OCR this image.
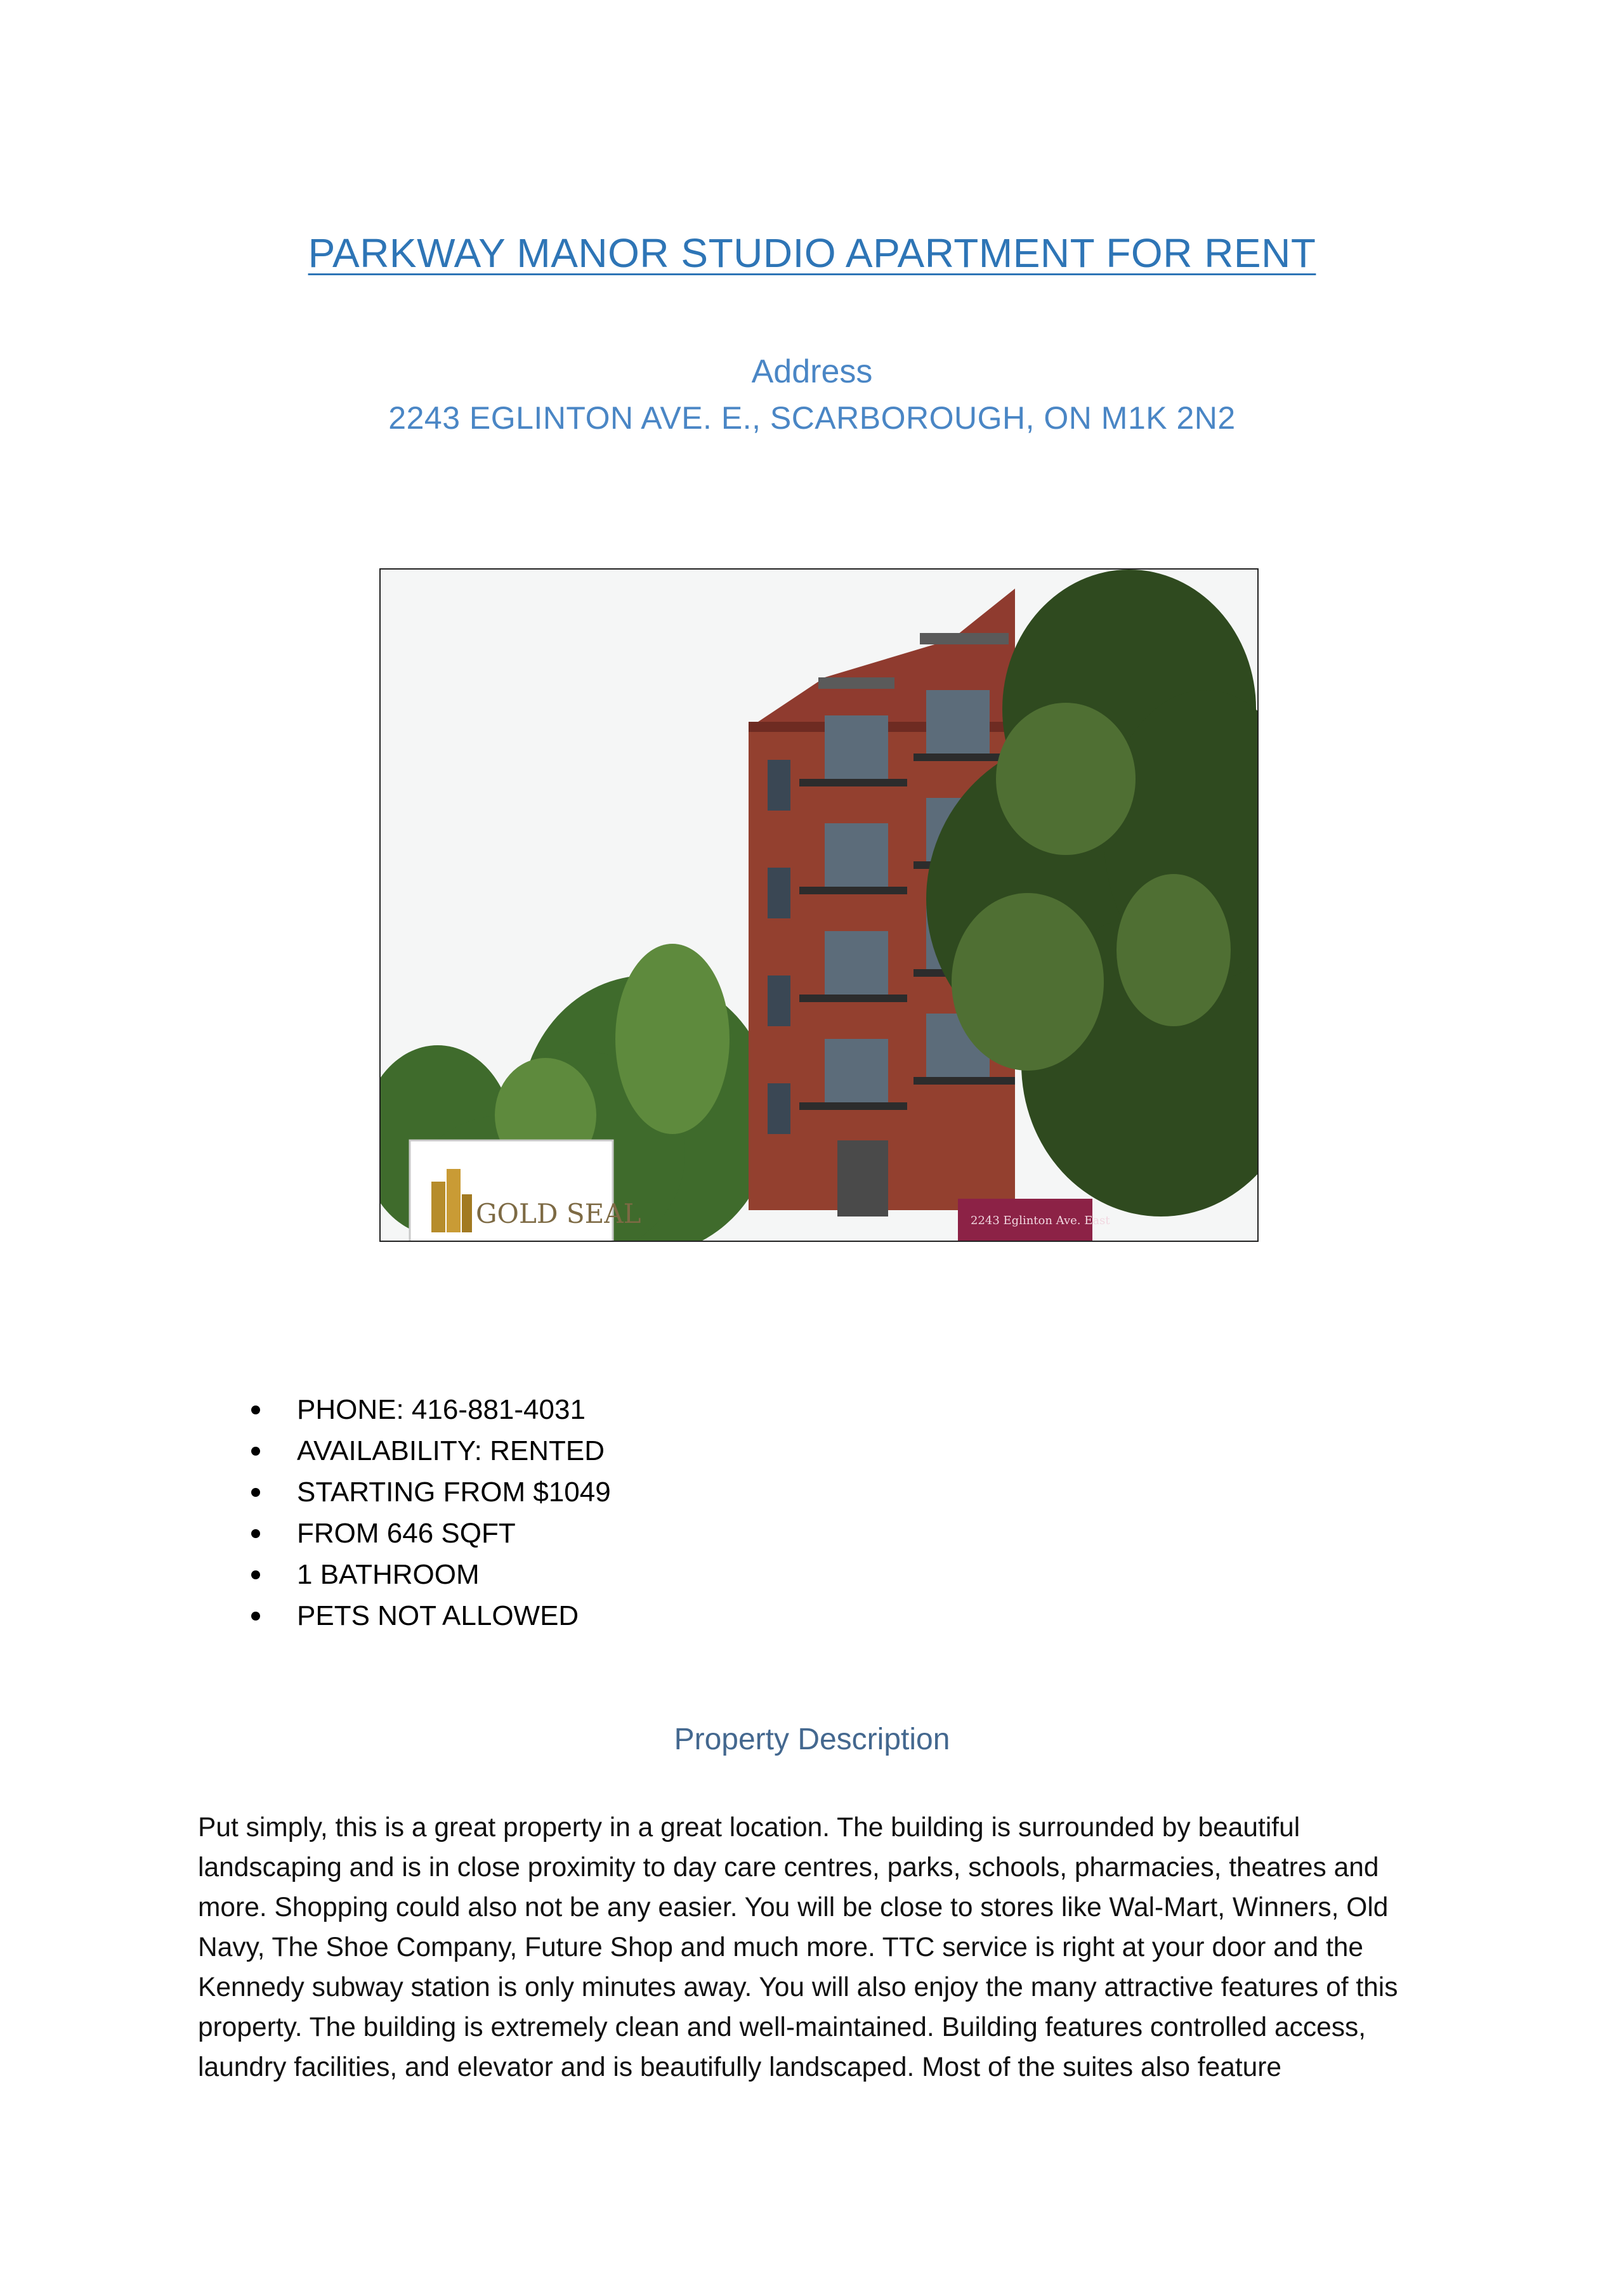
PARKWAY MANOR STUDIO APARTMENT FOR RENT
Address
2243 EGLINTON AVE. E., SCARBOROUGH, ON M1K 2N2
2243 Eglinton Ave. East
GOLD SEAL
PHONE: 416-881-4031
AVAILABILITY: RENTED
STARTING FROM $1049
FROM 646 SQFT
1 BATHROOM
PETS NOT ALLOWED
Property Description

Put simply, this is a great property in a great location. The building is surrounded by beautiful landscaping and is in close proximity to day care centres, parks, schools, pharmacies, theatres and more. Shopping could also not be any easier. You will be close to stores like Wal-Mart, Winners, Old Navy, The Shoe Company, Future Shop and much more. TTC service is right at your door and the Kennedy subway station is only minutes away. You will also enjoy the many attractive features of this property. The building is extremely clean and well-maintained. Building features controlled access, laundry facilities, and elevator and is beautifully landscaped. Most of the suites also feature
